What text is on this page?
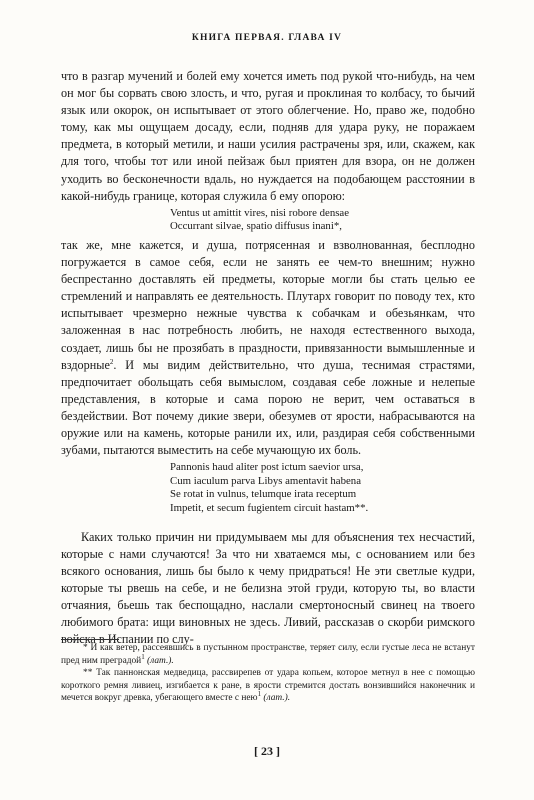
КНИГА ПЕРВАЯ. ГЛАВА IV

что в разгар мучений и болей ему хочется иметь под рукой что-нибудь, на чем он мог бы сорвать свою злость, и что, ругая и проклиная то колбасу, то бычий язык или окорок, он испытывает от этого облегчение. Но, право же, подобно тому, как мы ощущаем досаду, если, подняв для удара руку, не поражаем предмета, в который метили, и наши усилия растрачены зря, или, скажем, как для того, чтобы тот или иной пейзаж был приятен для взора, он не должен уходить во бесконечности вдаль, но нуждается на подобающем расстоянии в какой-нибудь границе, которая служила б ему опорою:

Ventus ut amittit vires, nisi robore densae
Occurrant silvae, spatio diffusus inani*,

так же, мне кажется, и душа, потрясенная и взволнованная, бесплодно погружается в самое себя, если не занять ее чем-то внешним; нужно беспрестанно доставлять ей предметы, которые могли бы стать целью ее стремлений и направлять ее деятельность. Плутарх говорит по поводу тех, кто испытывает чрезмерно нежные чувства к собачкам и обезьянкам, что заложенная в нас потребность любить, не находя естественного выхода, создает, лишь бы не прозябать в праздности, привязанности вымышленные и вздорные$^2$. И мы видим действительно, что душа, теснимая страстями, предпочитает обольщать себя вымыслом, создавая себе ложные и нелепые представления, в которые и сама порою не верит, чем оставаться в бездействии. Вот почему дикие звери, обезумев от ярости, набрасываются на оружие или на камень, которые ранили их, или, раздирая себя собственными зубами, пытаются выместить на себе мучающую их боль.

Pannonis haud aliter post ictum saevior ursa,
Cum iaculum parva Libys amentavit habena
Se rotat in vulnus, telumque irata receptum
Impetit, et secum fugientem circuit hastam**.

Каких только причин ни придумываем мы для объяснения тех несчастий, которые с нами случаются! За что ни хватаемся мы, с основанием или без всякого основания, лишь бы было к чему придраться! Не эти светлые кудри, которые ты рвешь на себе, и не белизна этой груди, которую ты, во власти отчаяния, бьешь так беспощадно, наслали смертоносный свинец на твоего любимого брата: ищи виновных не здесь. Ливий, рассказав о скорби римского войска в Испании по слу-

* И как ветер, рассеявшись в пустынном пространстве, теряет силу, если густые леса не встанут пред ним преградой$^1$ (лат.).

** Так паннонская медведица, рассвирепев от удара копьем, которое метнул в нее с помощью короткого ремня ливиец, изгибается к ране, в ярости стремится достать вонзившийся наконечник и мечется вокруг древка, убегающего вместе с нею$^1$ (лат.).

[ 23 ]
